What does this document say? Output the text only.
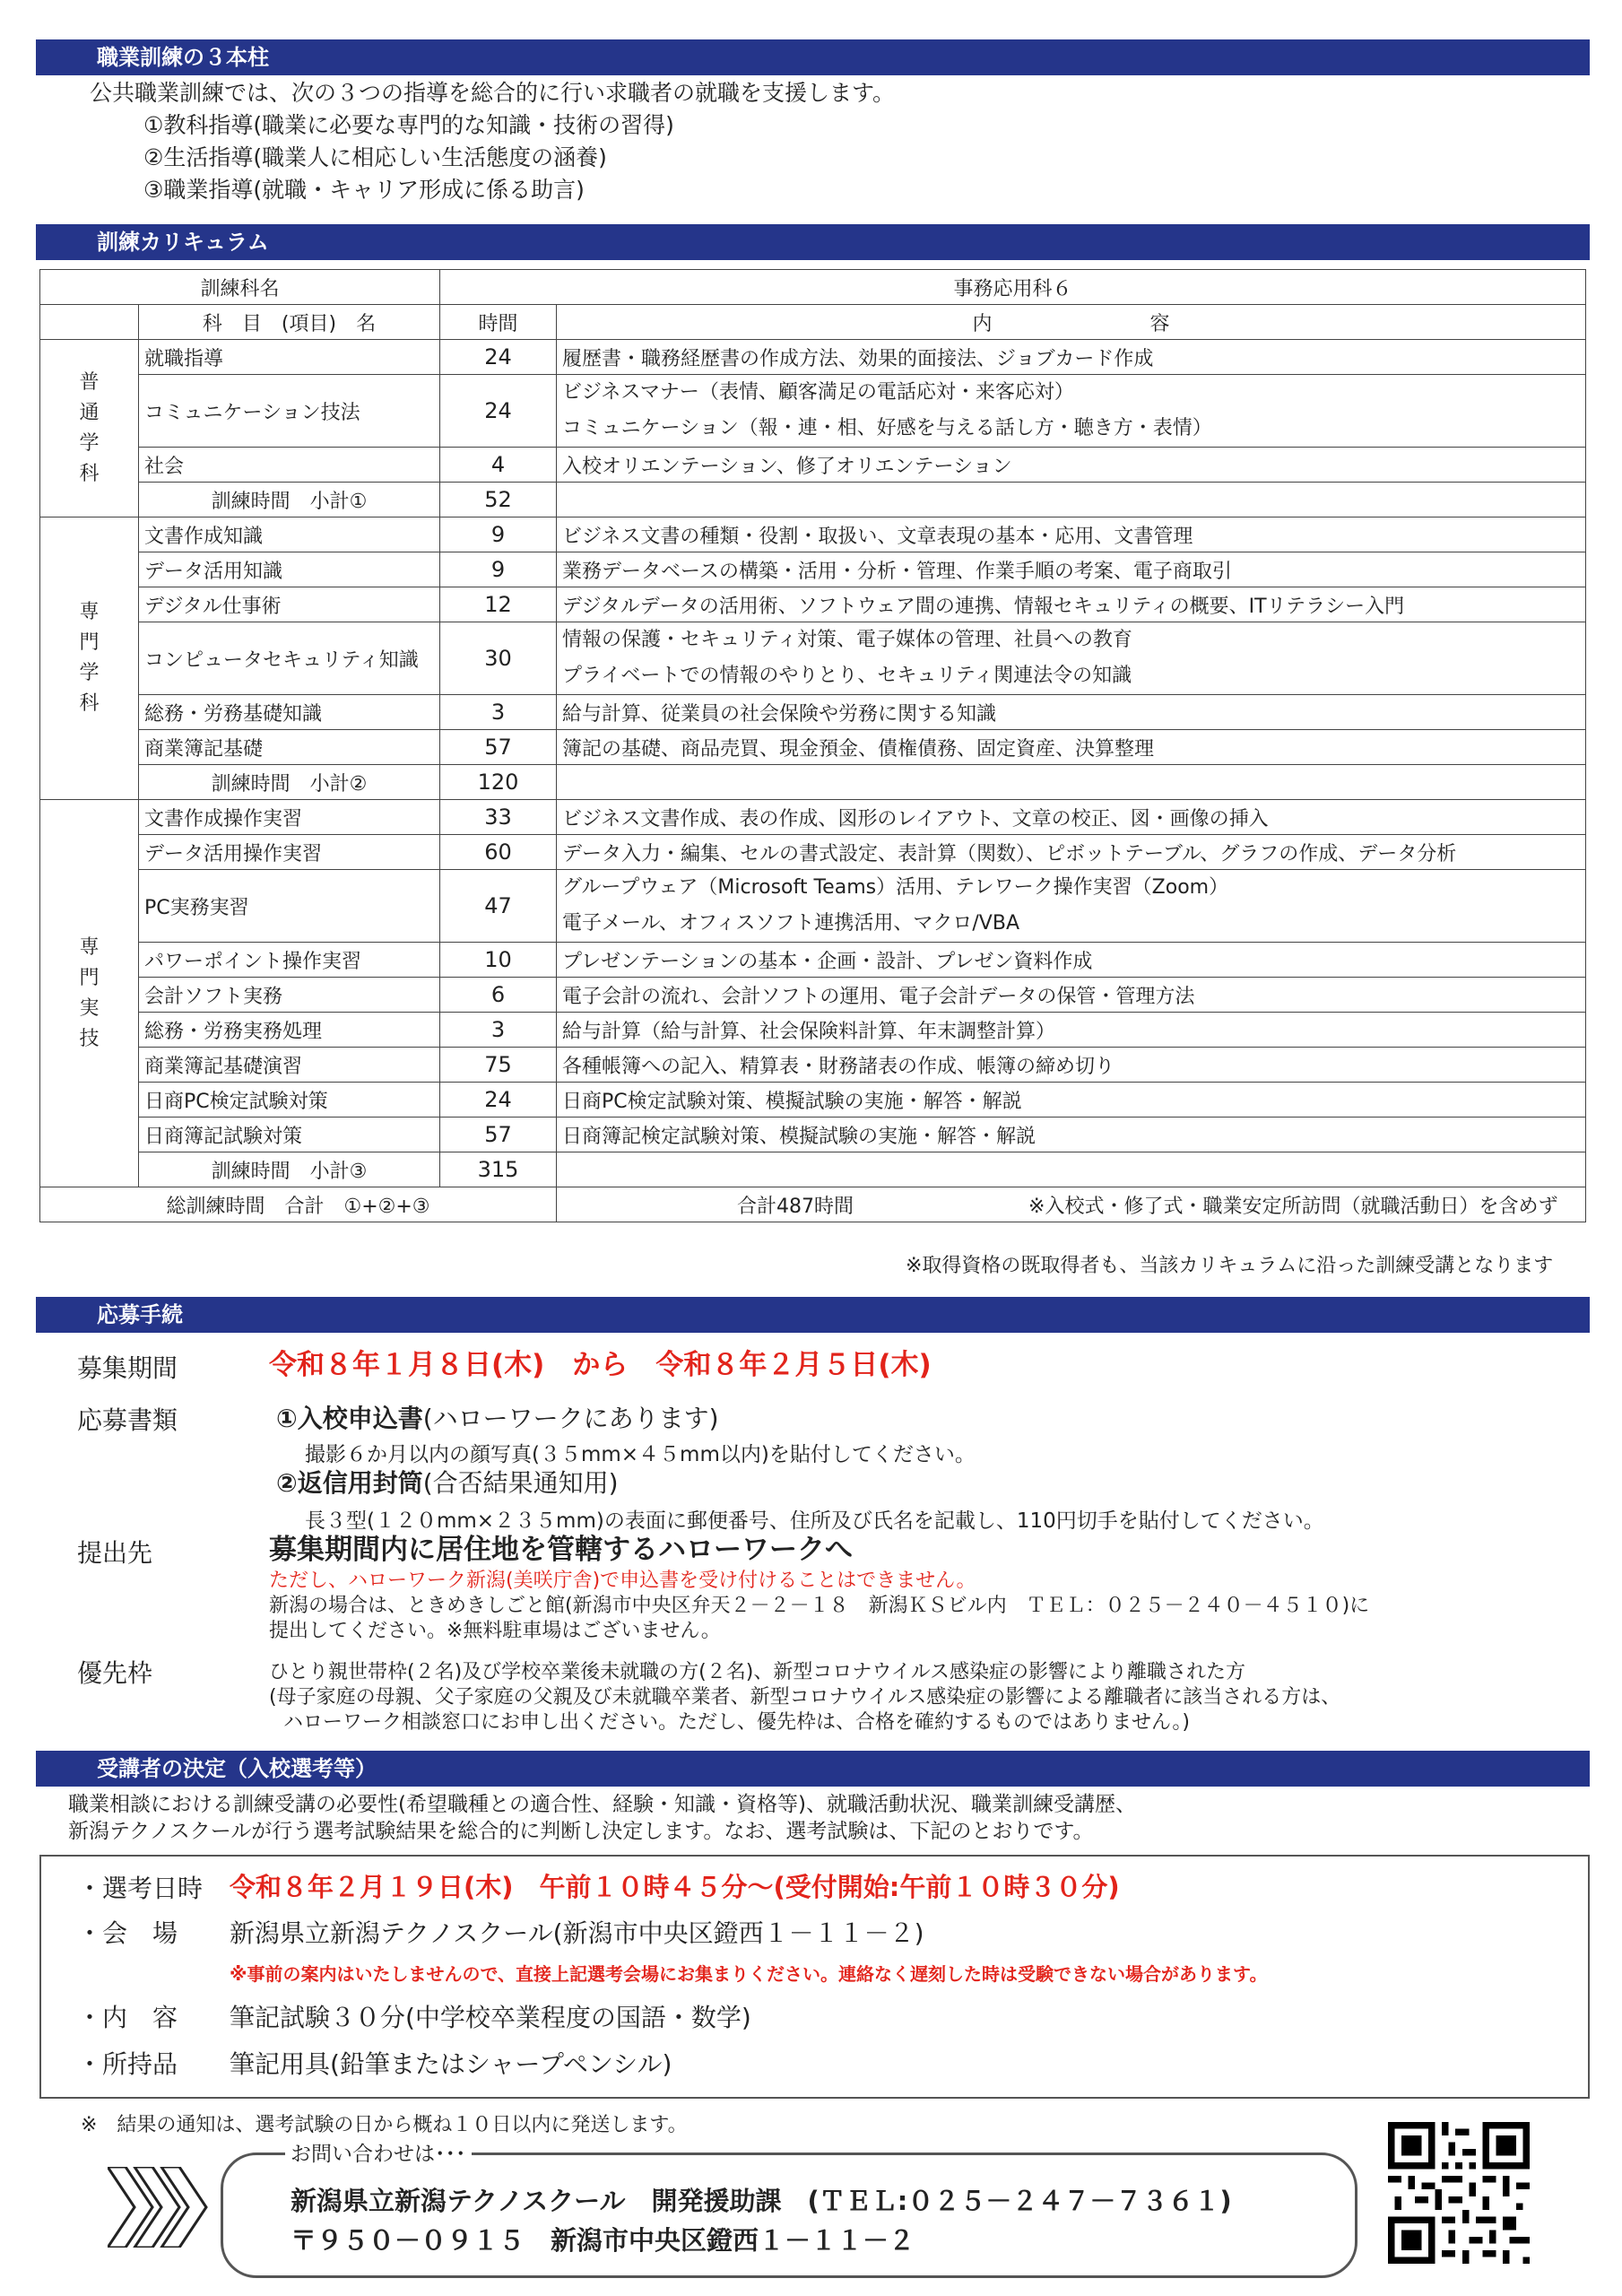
職業訓練の３本柱
公共職業訓練では、次の３つの指導を総合的に行い求職者の就職を支援します。
①教科指導(職業に必要な専門的な知識・技術の習得)
②生活指導(職業人に相応しい生活態度の涵養)
③職業指導(就職・キャリア形成に係る助言)
訓練カリキュラム
訓練科名		事務応用科６	
	科　目　(項目)　名	時間	内　　　　　　　　容

普
通
学
科	就職指導	24	履歴書・職務経歴書の作成方法、効果的面接法、ジョブカード作成

	コミュニケーション技法	24	ビジネスマナー（表情、顧客満足の電話応対・来客応対）
コミュニケーション（報・連・相、好感を与える話し方・聴き方・表情）

	社会	4	入校オリエンテーション、修了オリエンテーション

	訓練時間　小計①	52	

専
門
学
科	文書作成知識	9	ビジネス文書の種類・役割・取扱い、文章表現の基本・応用、文書管理

	データ活用知識	9	業務データベースの構築・活用・分析・管理、作業手順の考案、電子商取引

	デジタル仕事術	12	デジタルデータの活用術、ソフトウェア間の連携、情報セキュリティの概要、ITリテラシー入門

	コンピュータセキュリティ知識	30	情報の保護・セキュリティ対策、電子媒体の管理、社員への教育
プライベートでの情報のやりとり、セキュリティ関連法令の知識

	総務・労務基礎知識	3	給与計算、従業員の社会保険や労務に関する知識

	商業簿記基礎	57	簿記の基礎、商品売買、現金預金、債権債務、固定資産、決算整理

	訓練時間　小計②	120	

専
門
実
技	文書作成操作実習	33	ビジネス文書作成、表の作成、図形のレイアウト、文章の校正、図・画像の挿入

	データ活用操作実習	60	データ入力・編集、セルの書式設定、表計算（関数）、ピボットテーブル、グラフの作成、データ分析

	PC実務実習	47	グループウェア（Microsoft Teams）活用、テレワーク操作実習（Zoom）
電子メール、オフィスソフト連携活用、マクロ/VBA

	パワーポイント操作実習	10	プレゼンテーションの基本・企画・設計、プレゼン資料作成

	会計ソフト実務	6	電子会計の流れ、会計ソフトの運用、電子会計データの保管・管理方法

	総務・労務実務処理	3	給与計算（給与計算、社会保険料計算、年末調整計算）

	商業簿記基礎演習	75	各種帳簿への記入、精算表・財務諸表の作成、帳簿の締め切り

	日商PC検定試験対策	24	日商PC検定試験対策、模擬試験の実施・解答・解説

	日商簿記試験対策	57	日商簿記検定試験対策、模擬試験の実施・解答・解説

	訓練時間　小計③	315	
総訓練時間　合計　①+②+③			合計487時間 ※入校式・修了式・職業安定所訪問（就職活動日）を含めず
※取得資格の既取得者も、当該カリキュラムに沿った訓練受講となります
応募手続
募集期間	令和８年１月８日(木)　から　令和８年２月５日(木)
応募書類	①入校申込書(ハローワークにあります)
撮影６か月以内の顔写真(３５mm×４５mm以内)を貼付してください。
②返信用封筒(合否結果通知用)
長３型(１２０mm×２３５mm)の表面に郵便番号、住所及び氏名を記載し、110円切手を貼付してください。
提出先	募集期間内に居住地を管轄するハローワークへ
ただし、ハローワーク新潟(美咲庁舎)で申込書を受け付けることはできません。
新潟の場合は、ときめきしごと館(新潟市中央区弁天２－２－１８　新潟ＫＳビル内　ＴＥＬ：０２５－２４０－４５１０)に
提出してください。※無料駐車場はございません。
優先枠	ひとり親世帯枠(２名)及び学校卒業後未就職の方(２名)、新型コロナウイルス感染症の影響により離職された方
(母子家庭の母親、父子家庭の父親及び未就職卒業者、新型コロナウイルス感染症の影響による離職者に該当される方は、
ハローワーク相談窓口にお申し出ください。ただし、優先枠は、合格を確約するものではありません。)
受講者の決定（入校選考等）
職業相談における訓練受講の必要性(希望職種との適合性、経験・知識・資格等)、就職活動状況、職業訓練受講歴、
新潟テクノスクールが行う選考試験結果を総合的に判断し決定します。なお、選考試験は、下記のとおりです。
・選考日時 令和８年２月１９日(木)　午前１０時４５分～(受付開始:午前１０時３０分)
・会　場 新潟県立新潟テクノスクール(新潟市中央区鐙西１－１１－２)
※事前の案内はいたしませんので、直接上記選考会場にお集まりください。連絡なく遅刻した時は受験できない場合があります。
・内　容 筆記試験３０分(中学校卒業程度の国語・数学)
・所持品 筆記用具(鉛筆またはシャープペンシル)
※　結果の通知は、選考試験の日から概ね１０日以内に発送します。
お問い合わせは･･･
新潟県立新潟テクノスクール　開発援助課　(ＴＥＬ:０２５－２４７－７３６１)
〒９５０－０９１５　新潟市中央区鐙西１－１１－２
